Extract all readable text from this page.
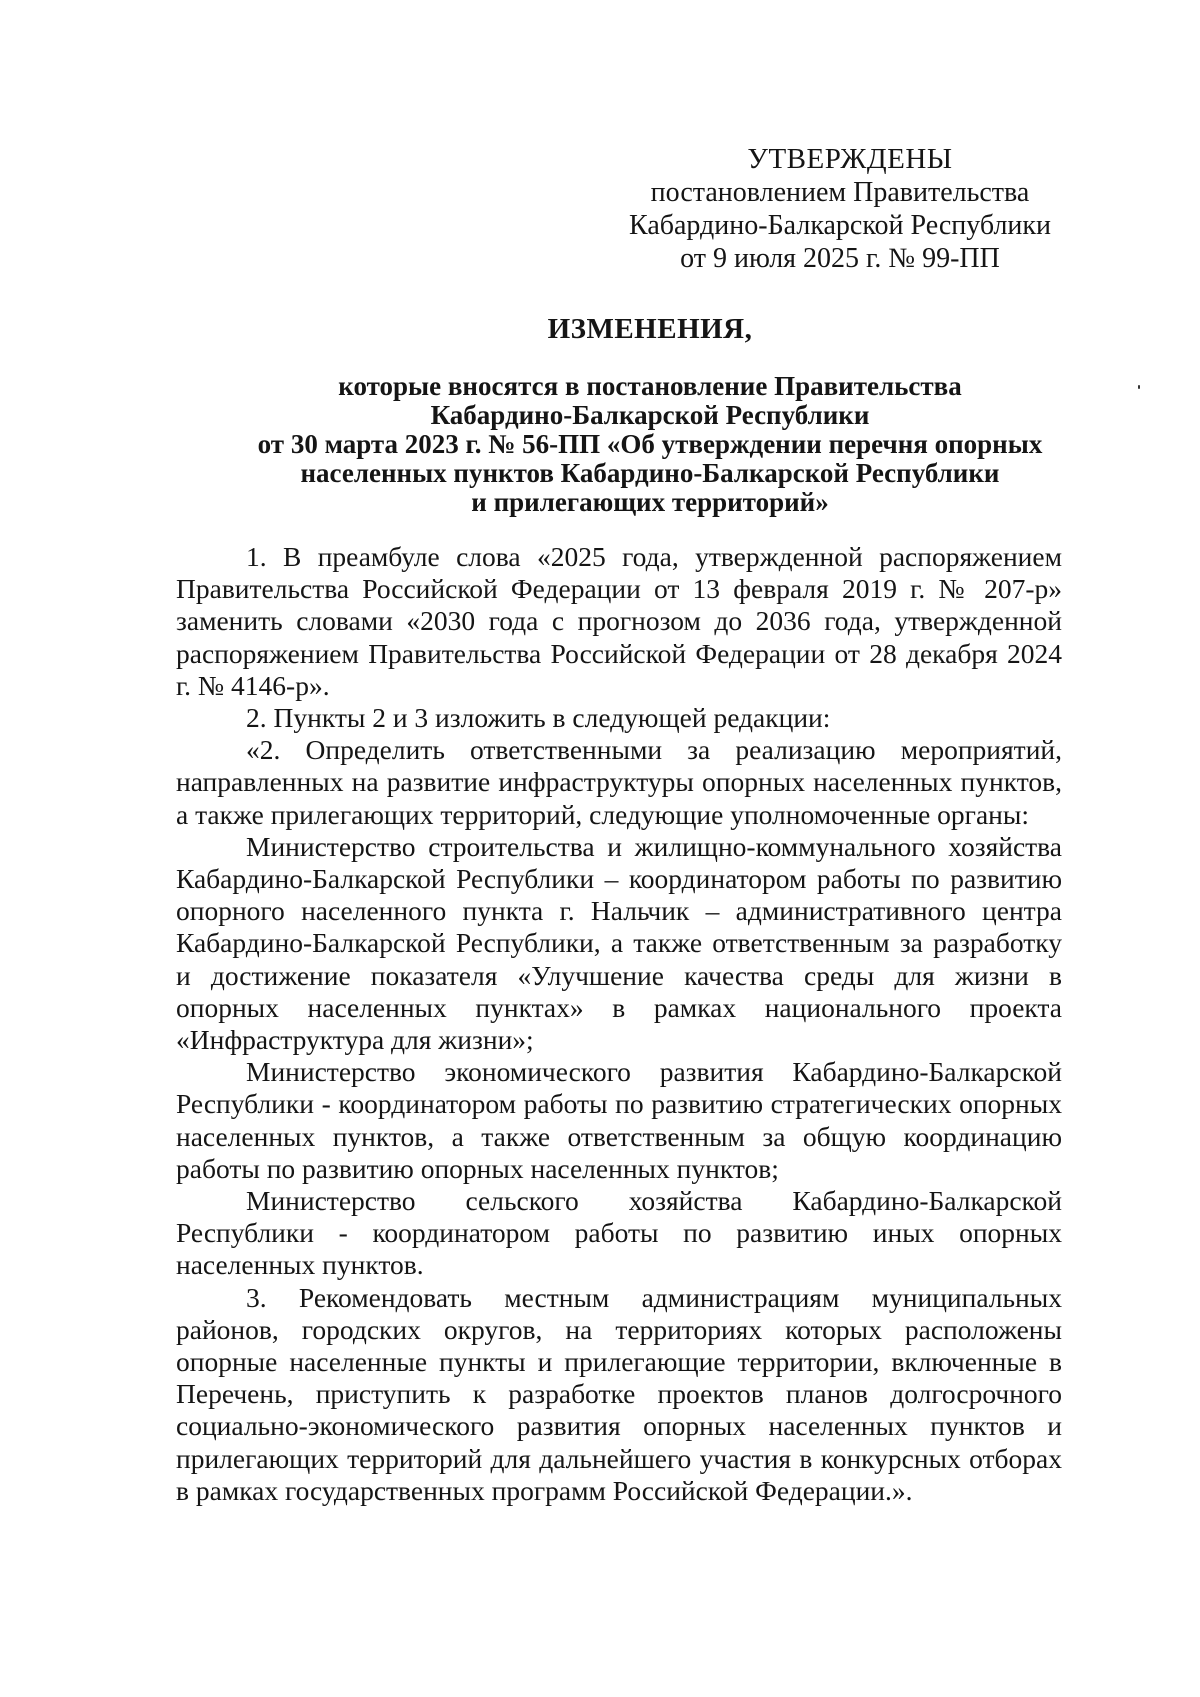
УТВЕРЖДЕНЫ
постановлением Правительства
Кабардино-Балкарской Республики
от 9 июля 2025 г. № 99-ПП
ИЗМЕНЕНИЯ,
которые вносятся в постановление Правительства
Кабардино-Балкарской Республики
от 30 марта 2023 г. № 56-ПП «Об утверждении перечня опорных
населенных пунктов Кабардино-Балкарской Республики
и прилегающих территорий»

1. В преамбуле слова «2025 года, утвержденной распоряжением Правительства Российской Федерации от 13 февраля 2019 г. № 207-р» заменить словами «2030 года с прогнозом до 2036 года, утвержденной распоряжением Правительства Российской Федерации от 28 декабря 2024 г. № 4146-р».

2. Пункты 2 и 3 изложить в следующей редакции:

«2. Определить ответственными за реализацию мероприятий, направленных на развитие инфраструктуры опорных населенных пунктов, а также прилегающих территорий, следующие уполномоченные органы:

Министерство строительства и жилищно-коммунального хозяйства Кабардино-Балкарской Республики – координатором работы по развитию опорного населенного пункта г. Нальчик – административного центра Кабардино-Балкарской Республики, а также ответственным за разработку и достижение показателя «Улучшение качества среды для жизни в опорных населенных пунктах» в рамках национального проекта «Инфраструктура для жизни»;

Министерство экономического развития Кабардино-Балкарской Республики - координатором работы по развитию стратегических опорных населенных пунктов, а также ответственным за общую координацию работы по развитию опорных населенных пунктов;

Министерство сельского хозяйства Кабардино-Балкарской Республики - координатором работы по развитию иных опорных населенных пунктов.

3. Рекомендовать местным администрациям муниципальных районов, городских округов, на территориях которых расположены опорные населенные пункты и прилегающие территории, включенные в Перечень, приступить к разработке проектов планов долгосрочного социально-экономического развития опорных населенных пунктов и прилегающих территорий для дальнейшего участия в конкурсных отборах в рамках государственных программ Российской Федерации.».
